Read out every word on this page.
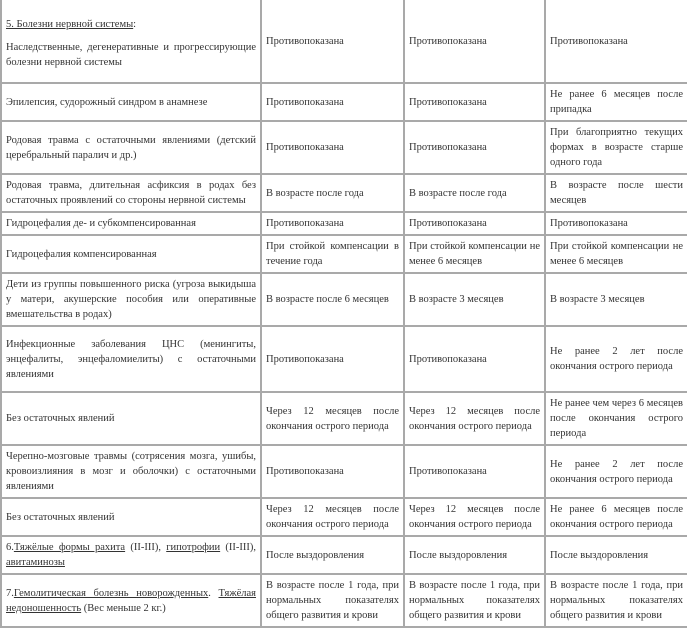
5. Болезни нервной системы:
Наследственные, дегенеративные и прогрессирующие болезни нервной системы	Противопоказана	Противопоказана	Противопоказана
Эпилепсия, судорожный синдром в анамнезе	Противопоказана	Противопоказана	Не ранее 6 месяцев после припадка
Родовая травма с остаточными явлениями (детский церебральный паралич и др.)	Противопоказана	Противопоказана	При благоприятно текущих формах в возрасте старше одного года
Родовая травма, длительная асфиксия в родах без остаточных проявлений со стороны нервной системы	В возрасте после года	В возрасте после года	В возрасте после шести месяцев
Гидроцефалия де- и субкомпенсированная	Противопоказана	Противопоказана	Противопоказана
Гидроцефалия компенсированная	При стойкой компенсации в течение года	При стойкой компенсации не менее 6 месяцев	При стойкой компенсации не менее 6 месяцев
Дети из группы повышенного риска (угроза выкидыша у матери, акушерские пособия или оперативные вмешательства в родах)	В возрасте после 6 месяцев	В возрасте 3 месяцев	В возрасте 3 месяцев
Инфекционные заболевания ЦНС (менингиты, энцефалиты, энцефаломиелиты) с остаточными явлениями	Противопоказана	Противопоказана	Не ранее 2 лет после окончания острого периода
Без остаточных явлений	Через 12 месяцев после окончания острого периода	Через 12 месяцев после окончания острого периода	Не ранее чем через 6 месяцев после окончания острого периода
Черепно-мозговые травмы (сотрясения мозга, ушибы, кровоизлияния в мозг и оболочки) с остаточными явлениями	Противопоказана	Противопоказана	Не ранее 2 лет после окончания острого периода
Без остаточных явлений	Через 12 месяцев после окончания острого периода	Через 12 месяцев после окончания острого периода	Не ранее 6 месяцев после окончания острого периода
6.Тяжёлые формы рахита (II-III), гипотрофии (II-III), авитаминозы	После выздоровления	После выздоровления	После выздоровления
7.Гемолитическая болезнь новорожденных. Тяжёлая недоношенность (Вес меньше 2 кг.)	В возрасте после 1 года, при нормальных показателях общего развития и крови	В возрасте после 1 года, при нормальных показателях общего развития и крови	В возрасте после 1 года, при нормальных показателях общего развития и крови
